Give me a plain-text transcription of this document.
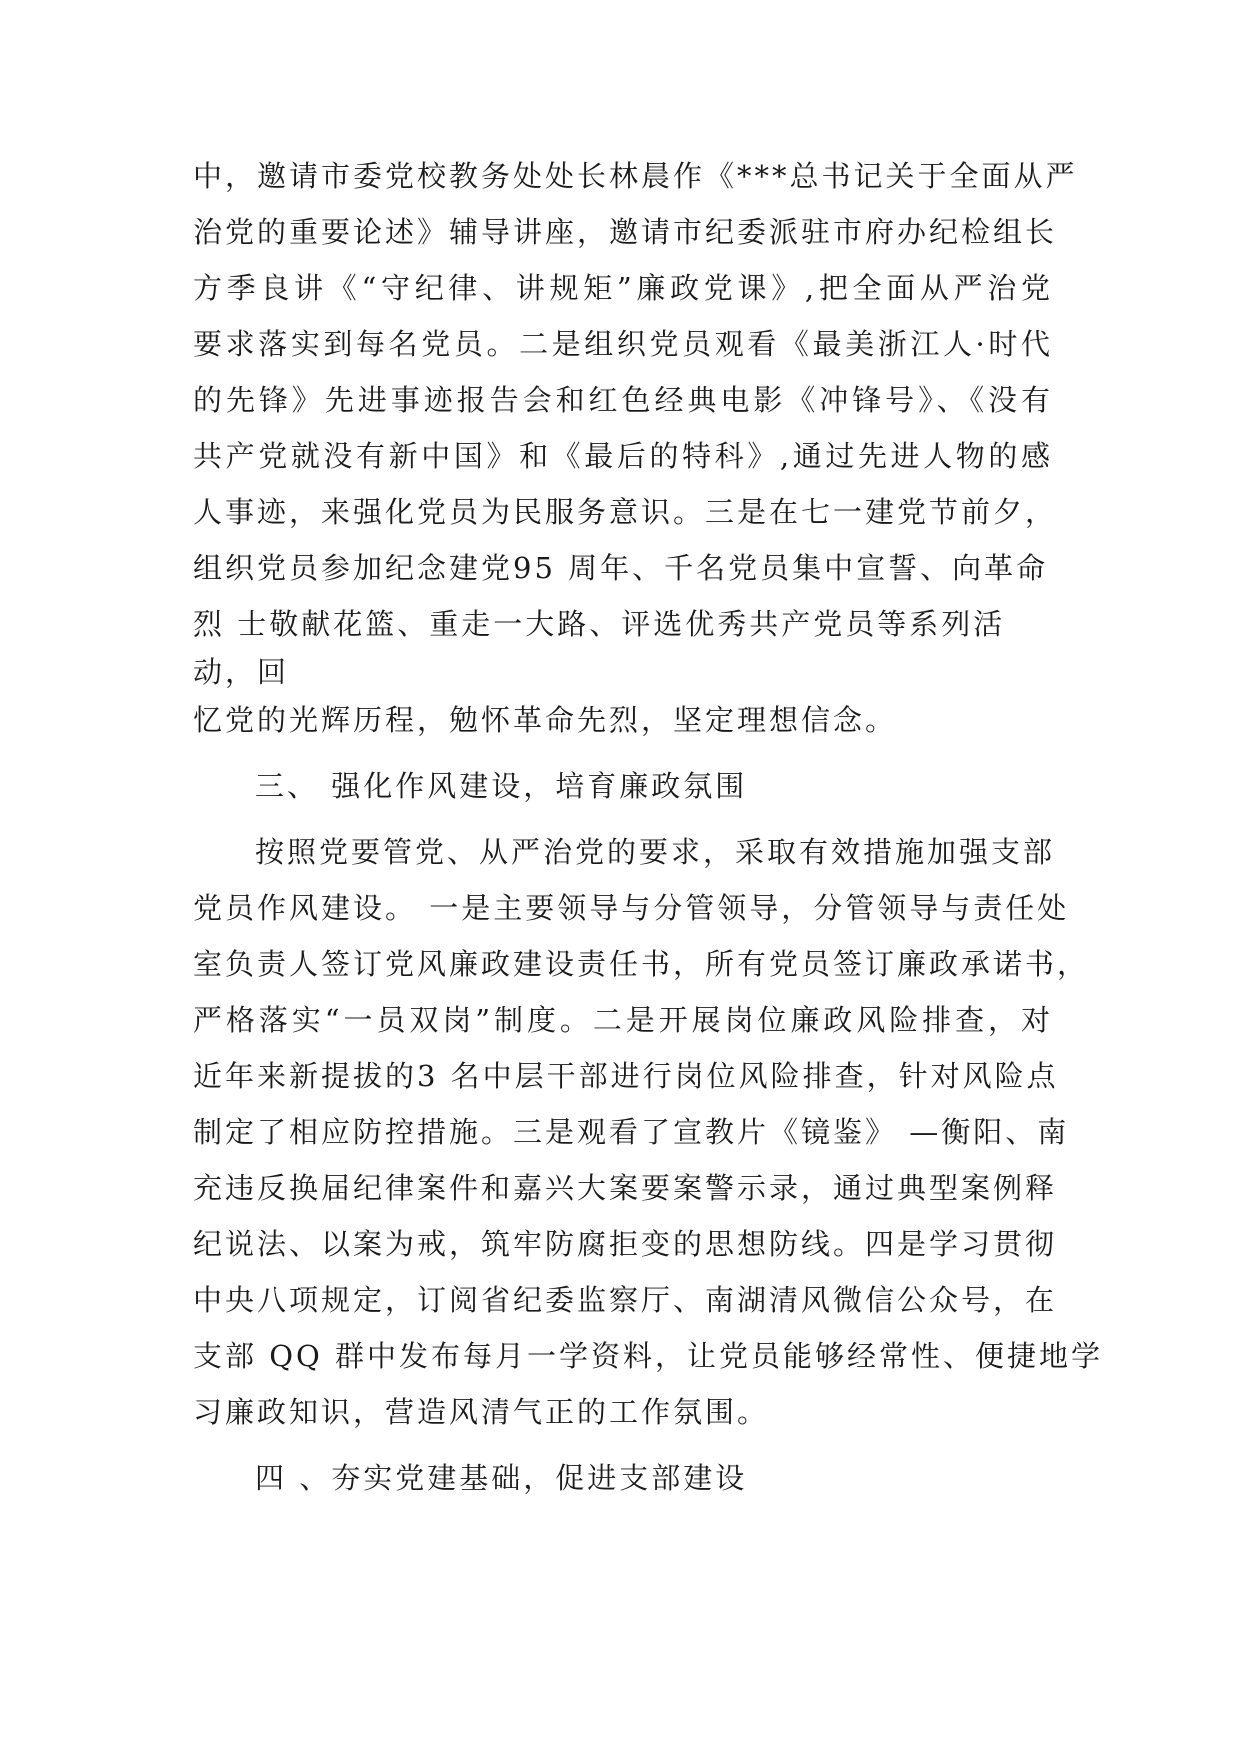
中，邀请市委党校教务处处长林晨作《***总书记关于全面从严
治党的重要论述》辅导讲座，邀请市纪委派驻市府办纪检组长
方季良讲《“守纪律、讲规矩”廉政党课》,把全面从严治党
要求落实到每名党员。二是组织党员观看《最美浙江人·时代
的先锋》先进事迹报告会和红色经典电影《冲锋号》、《没有
共产党就没有新中国》和《最后的特科》,通过先进人物的感
人事迹，来强化党员为民服务意识。三是在七一建党节前夕，
组织党员参加纪念建党95 周年、千名党员集中宣誓、向革命
烈 士敬献花篮、重走一大路、评选优秀共产党员等系列活
动，回
忆党的光辉历程，勉怀革命先烈，坚定理想信念。
三、 强化作风建设，培育廉政氛围
按照党要管党、从严治党的要求，采取有效措施加强支部
党员作风建设。 一是主要领导与分管领导，分管领导与责任处
室负责人签订党风廉政建设责任书，所有党员签订廉政承诺书，
严格落实“一员双岗”制度。二是开展岗位廉政风险排查，对
近年来新提拔的3 名中层干部进行岗位风险排查，针对风险点
制定了相应防控措施。三是观看了宣教片《镜鉴》 —衡阳、南
充违反换届纪律案件和嘉兴大案要案警示录，通过典型案例释
纪说法、以案为戒，筑牢防腐拒变的思想防线。四是学习贯彻
中央八项规定，订阅省纪委监察厅、南湖清风微信公众号，在
支部 QQ 群中发布每月一学资料，让党员能够经常性、便捷地学
习廉政知识，营造风清气正的工作氛围。
四 、夯实党建基础，促进支部建设
